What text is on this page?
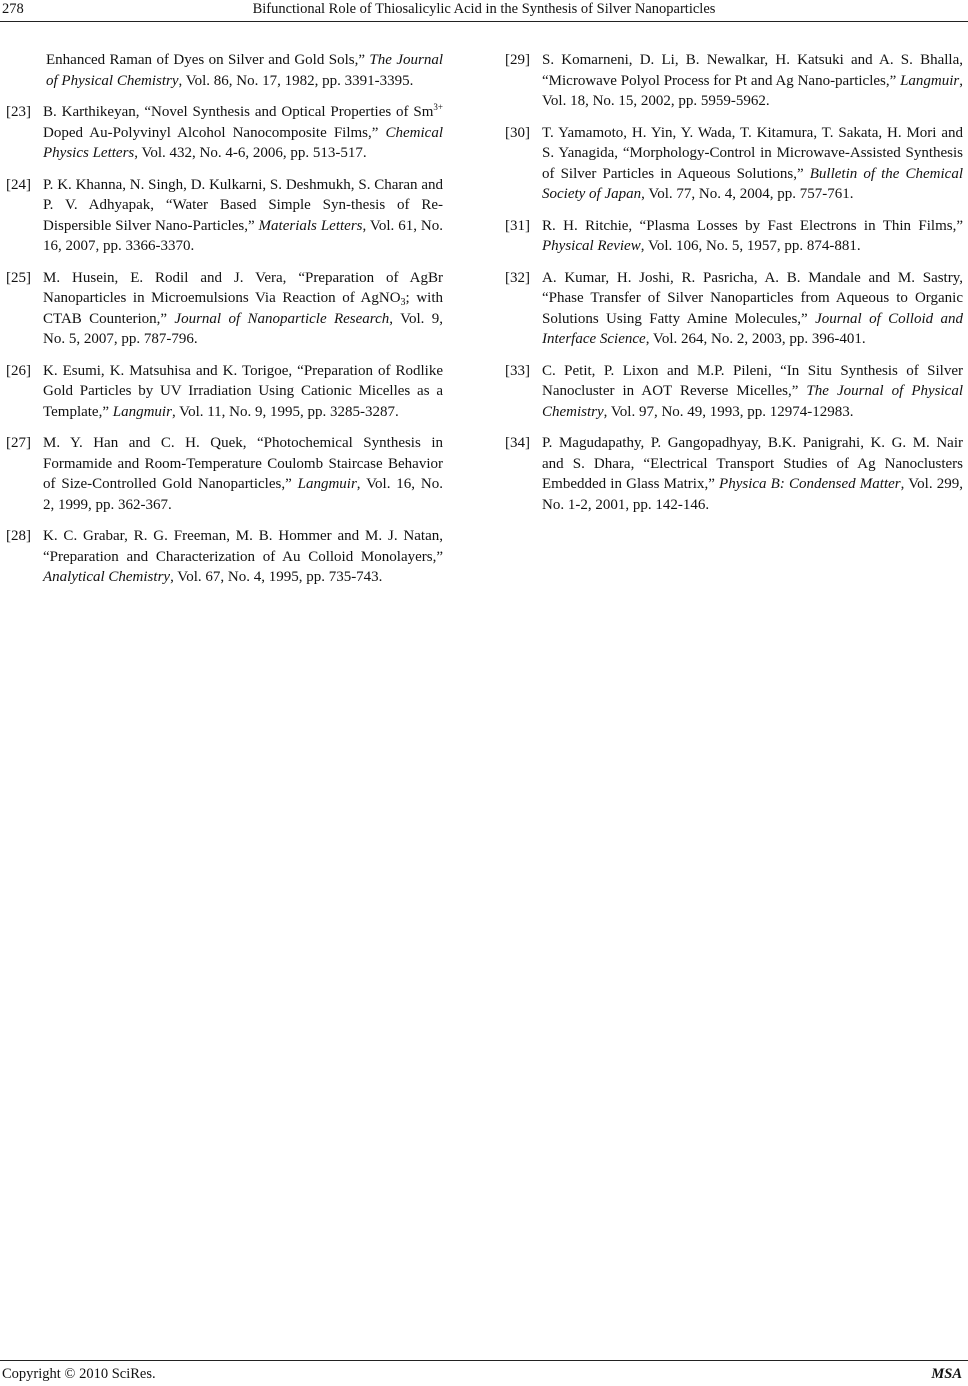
278	Bifunctional Role of Thiosalicylic Acid in the Synthesis of Silver Nanoparticles
Enhanced Raman of Dyes on Silver and Gold Sols,” The Journal of Physical Chemistry, Vol. 86, No. 17, 1982, pp. 3391-3395.
[23] B. Karthikeyan, “Novel Synthesis and Optical Properties of $Sm^{3+}$ Doped Au-Polyvinyl Alcohol Nanocomposite Films,” Chemical Physics Letters, Vol. 432, No. 4-6, 2006, pp. 513-517.
[24] P. K. Khanna, N. Singh, D. Kulkarni, S. Deshmukh, S. Charan and P. V. Adhyapak, “Water Based Simple Syn-thesis of Re-Dispersible Silver Nano-Particles,” Materials Letters, Vol. 61, No. 16, 2007, pp. 3366-3370.
[25] M. Husein, E. Rodil and J. Vera, “Preparation of AgBr Nanoparticles in Microemulsions Via Reaction of AgNO$_3$; with CTAB Counterion,” Journal of Nanoparticle Research, Vol. 9, No. 5, 2007, pp. 787-796.
[26] K. Esumi, K. Matsuhisa and K. Torigoe, “Preparation of Rodlike Gold Particles by UV Irradiation Using Cationic Micelles as a Template,” Langmuir, Vol. 11, No. 9, 1995, pp. 3285-3287.
[27] M. Y. Han and C. H. Quek, “Photochemical Synthesis in Formamide and Room-Temperature Coulomb Staircase Behavior of Size-Controlled Gold Nanoparticles,” Langmuir, Vol. 16, No. 2, 1999, pp. 362-367.
[28] K. C. Grabar, R. G. Freeman, M. B. Hommer and M. J. Natan, “Preparation and Characterization of Au Colloid Monolayers,” Analytical Chemistry, Vol. 67, No. 4, 1995, pp. 735-743.
[29] S. Komarneni, D. Li, B. Newalkar, H. Katsuki and A. S. Bhalla, “Microwave Polyol Process for Pt and Ag Nano-particles,” Langmuir, Vol. 18, No. 15, 2002, pp. 5959-5962.
[30] T. Yamamoto, H. Yin, Y. Wada, T. Kitamura, T. Sakata, H. Mori and S. Yanagida, “Morphology-Control in Microwave-Assisted Synthesis of Silver Particles in Aqueous Solutions,” Bulletin of the Chemical Society of Japan, Vol. 77, No. 4, 2004, pp. 757-761.
[31] R. H. Ritchie, “Plasma Losses by Fast Electrons in Thin Films,” Physical Review, Vol. 106, No. 5, 1957, pp. 874-881.
[32] A. Kumar, H. Joshi, R. Pasricha, A. B. Mandale and M. Sastry, “Phase Transfer of Silver Nanoparticles from Aqueous to Organic Solutions Using Fatty Amine Molecules,” Journal of Colloid and Interface Science, Vol. 264, No. 2, 2003, pp. 396-401.
[33] C. Petit, P. Lixon and M.P. Pileni, “In Situ Synthesis of Silver Nanocluster in AOT Reverse Micelles,” The Journal of Physical Chemistry, Vol. 97, No. 49, 1993, pp. 12974-12983.
[34] P. Magudapathy, P. Gangopadhyay, B.K. Panigrahi, K. G. M. Nair and S. Dhara, “Electrical Transport Studies of Ag Nanoclusters Embedded in Glass Matrix,” Physica B: Condensed Matter, Vol. 299, No. 1-2, 2001, pp. 142-146.
Copyright © 2010 SciRes.	MSA
